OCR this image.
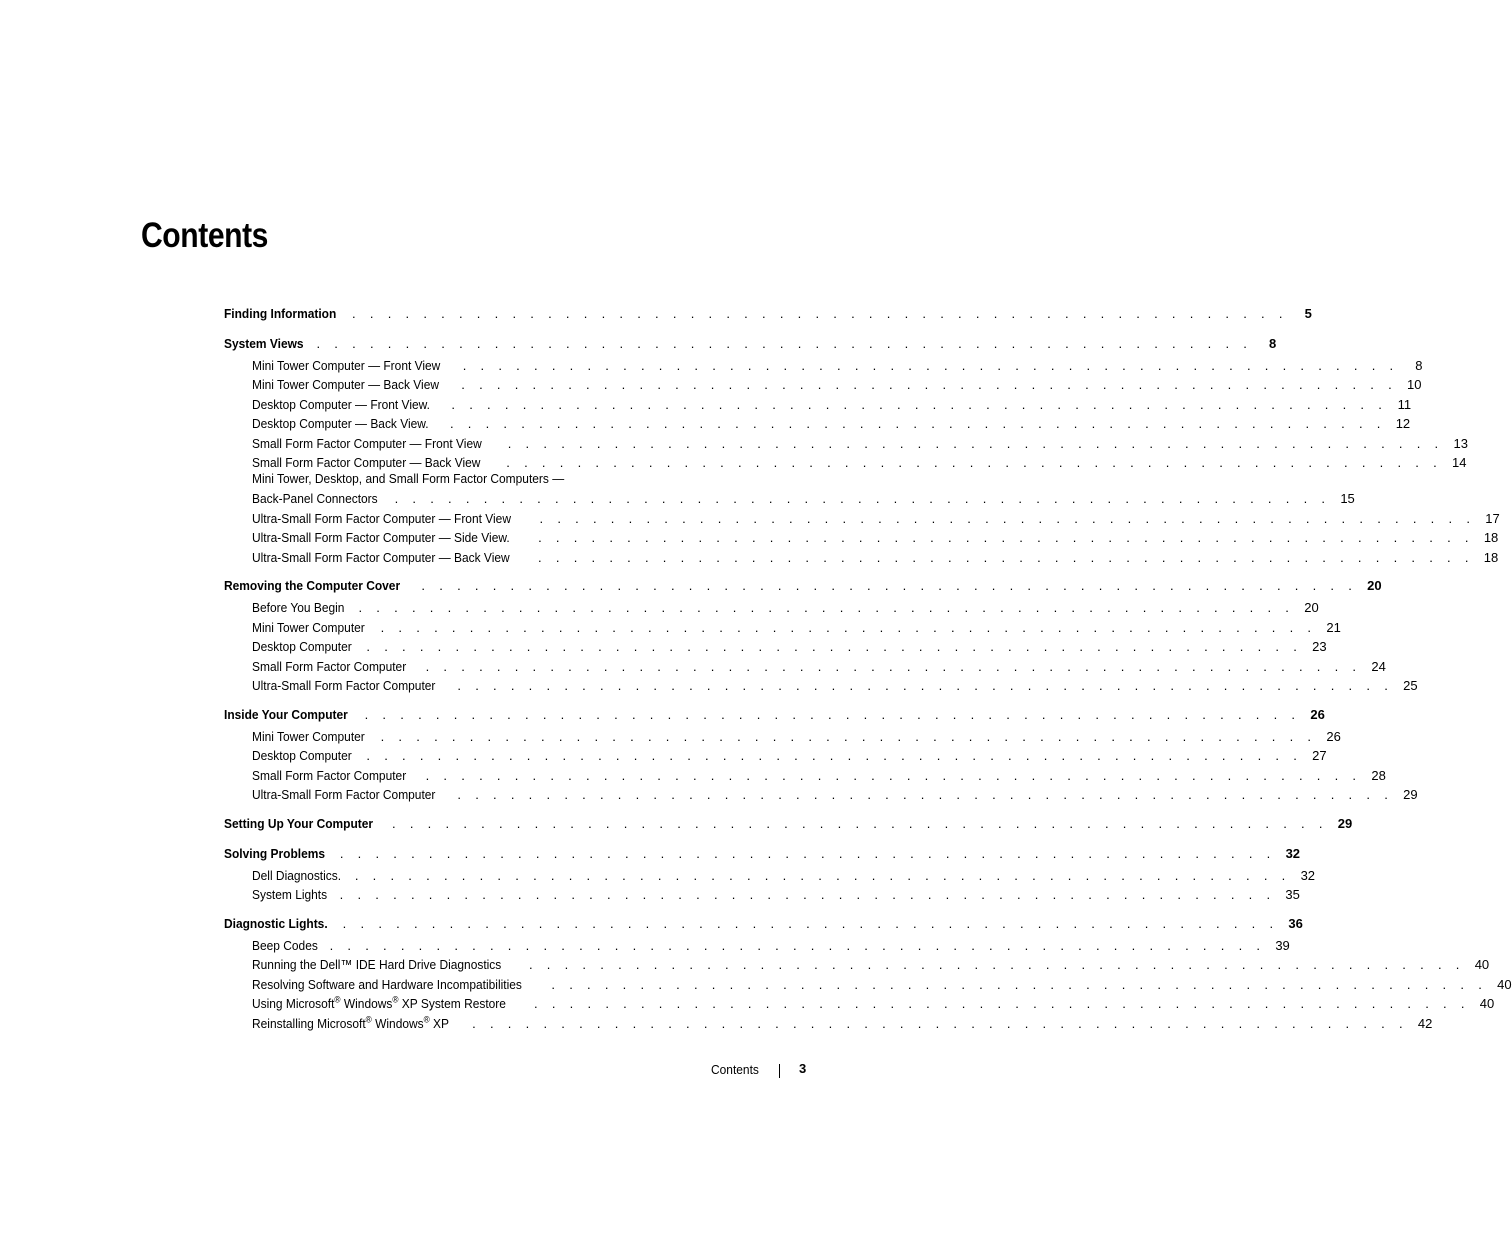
Contents
Finding Information	. . . . . . . . . . . . . . . . . . . . . . . . . . . . . . . . . . . . . . . . . . . . . . . . . . . . .	5
System Views . . . . . . . . . . . . . . . . . . . . . . . . . . . . . . . . . . . . . . . . . . . . . . . . . . . . .	8
Mini Tower Computer — Front View	. . . . . . . . . . . . . . . . . . . . . . . . . . . . . . . . . . . . . . . . . . . . . . . . . . . . .	8
Mini Tower Computer — Back View	. . . . . . . . . . . . . . . . . . . . . . . . . . . . . . . . . . . . . . . . . . . . . . . . . . . . . 10
Desktop Computer — Front View.	. . . . . . . . . . . . . . . . . . . . . . . . . . . . . . . . . . . . . . . . . . . . . . . . . . . . . 11
Desktop Computer — Back View.	. . . . . . . . . . . . . . . . . . . . . . . . . . . . . . . . . . . . . . . . . . . . . . . . . . . . . 12
Small Form Factor Computer — Front View	. . . . . . . . . . . . . . . . . . . . . . . . . . . . . . . . . . . . . . . . . . . . . . . . . . . . . 13
Small Form Factor Computer — Back View	. . . . . . . . . . . . . . . . . . . . . . . . . . . . . . . . . . . . . . . . . . . . . . . . . . . . . 14
Mini Tower, Desktop, and Small Form Factor Computers —
Back-Panel Connectors	. . . . . . . . . . . . . . . . . . . . . . . . . . . . . . . . . . . . . . . . . . . . . . . . . . . . . 15
Ultra-Small Form Factor Computer — Front View	. . . . . . . . . . . . . . . . . . . . . . . . . . . . . . . . . . . . . . . . . . . . . . . . . . . . . 17
Ultra-Small Form Factor Computer — Side View.	. . . . . . . . . . . . . . . . . . . . . . . . . . . . . . . . . . . . . . . . . . . . . . . . . . . . . 18
Ultra-Small Form Factor Computer — Back View	. . . . . . . . . . . . . . . . . . . . . . . . . . . . . . . . . . . . . . . . . . . . . . . . . . . . . 18
Removing the Computer Cover	. . . . . . . . . . . . . . . . . . . . . . . . . . . . . . . . . . . . . . . . . . . . . . . . . . . . . 20
Before You Begin	. . . . . . . . . . . . . . . . . . . . . . . . . . . . . . . . . . . . . . . . . . . . . . . . . . . . . 20
Mini Tower Computer	. . . . . . . . . . . . . . . . . . . . . . . . . . . . . . . . . . . . . . . . . . . . . . . . . . . . . 21
Desktop Computer	. . . . . . . . . . . . . . . . . . . . . . . . . . . . . . . . . . . . . . . . . . . . . . . . . . . . . 23
Small Form Factor Computer	. . . . . . . . . . . . . . . . . . . . . . . . . . . . . . . . . . . . . . . . . . . . . . . . . . . . . 24
Ultra-Small Form Factor Computer	. . . . . . . . . . . . . . . . . . . . . . . . . . . . . . . . . . . . . . . . . . . . . . . . . . . . . 25
Inside Your Computer	. . . . . . . . . . . . . . . . . . . . . . . . . . . . . . . . . . . . . . . . . . . . . . . . . . . . . 26
Mini Tower Computer	. . . . . . . . . . . . . . . . . . . . . . . . . . . . . . . . . . . . . . . . . . . . . . . . . . . . . 26
Desktop Computer	. . . . . . . . . . . . . . . . . . . . . . . . . . . . . . . . . . . . . . . . . . . . . . . . . . . . . 27
Small Form Factor Computer	. . . . . . . . . . . . . . . . . . . . . . . . . . . . . . . . . . . . . . . . . . . . . . . . . . . . . 28
Ultra-Small Form Factor Computer	. . . . . . . . . . . . . . . . . . . . . . . . . . . . . . . . . . . . . . . . . . . . . . . . . . . . . 29
Setting Up Your Computer	. . . . . . . . . . . . . . . . . . . . . . . . . . . . . . . . . . . . . . . . . . . . . . . . . . . . . 29
Solving Problems	. . . . . . . . . . . . . . . . . . . . . . . . . . . . . . . . . . . . . . . . . . . . . . . . . . . . . 32
Dell Diagnostics.	. . . . . . . . . . . . . . . . . . . . . . . . . . . . . . . . . . . . . . . . . . . . . . . . . . . . . 32
System Lights . . . . . . . . . . . . . . . . . . . . . . . . . . . . . . . . . . . . . . . . . . . . . . . . . . . . . 35
Diagnostic Lights.	. . . . . . . . . . . . . . . . . . . . . . . . . . . . . . . . . . . . . . . . . . . . . . . . . . . . . 36
Beep Codes . . . . . . . . . . . . . . . . . . . . . . . . . . . . . . . . . . . . . . . . . . . . . . . . . . . . . 39
Running the Dell™ IDE Hard Drive Diagnostics	. . . . . . . . . . . . . . . . . . . . . . . . . . . . . . . . . . . . . . . . . . . . . . . . . . . . . 40
Resolving Software and Hardware Incompatibilities	. . . . . . . . . . . . . . . . . . . . . . . . . . . . . . . . . . . . . . . . . . . . . . . . . . . . . 40
Using Microsoft® Windows® XP System Restore	. . . . . . . . . . . . . . . . . . . . . . . . . . . . . . . . . . . . . . . . . . . . . . . . . . . . . 40
Reinstalling Microsoft® Windows® XP	. . . . . . . . . . . . . . . . . . . . . . . . . . . . . . . . . . . . . . . . . . . . . . . . . . . . . 42
Contents	3
